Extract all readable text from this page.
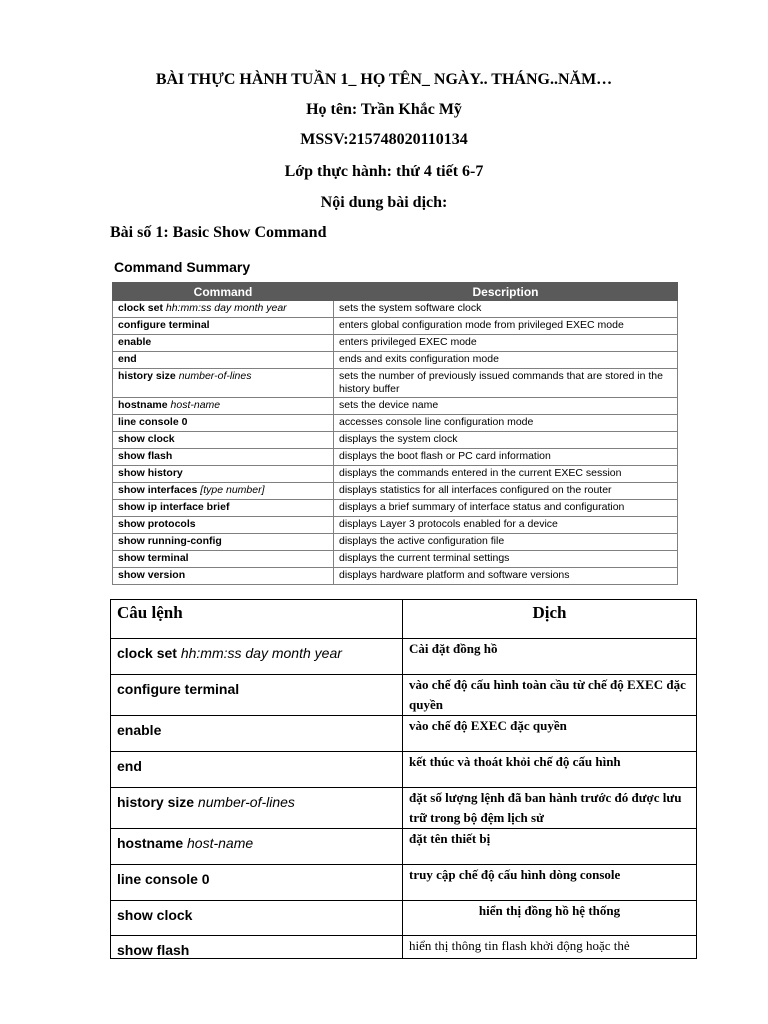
BÀI THỰC HÀNH TUẦN 1_ HỌ TÊN_ NGÀY.. THÁNG..NĂM…
Họ tên: Trần Khắc Mỹ
MSSV:215748020110134
Lớp thực hành: thứ 4 tiết 6-7
Nội dung bài dịch:
Bài số 1: Basic Show Command
Command Summary
Command	Description
clock set hh:mm:ss day month year	sets the system software clock
configure terminal	enters global configuration mode from privileged EXEC mode
enable	enters privileged EXEC mode
end	ends and exits configuration mode
history size number-of-lines	sets the number of previously issued commands that are stored in the history buffer
hostname host-name	sets the device name
line console 0	accesses console line configuration mode
show clock	displays the system clock
show flash	displays the boot flash or PC card information
show history	displays the commands entered in the current EXEC session
show interfaces [type number]	displays statistics for all interfaces configured on the router
show ip interface brief	displays a brief summary of interface status and configuration
show protocols	displays Layer 3 protocols enabled for a device
show running-config	displays the active configuration file
show terminal	displays the current terminal settings
show version	displays hardware platform and software versions
Câu lệnh	Dịch
clock set hh:mm:ss day month year	Cài đặt đồng hồ
configure terminal	vào chế độ cấu hình toàn cầu từ chế độ EXEC đặc quyền
enable	vào chế độ EXEC đặc quyền
end	kết thúc và thoát khỏi chế độ cấu hình
history size number-of-lines	đặt số lượng lệnh đã ban hành trước đó được lưu trữ trong bộ đệm lịch sử
hostname host-name	đặt tên thiết bị
line console 0	truy cập chế độ cấu hình dòng console
show clock	hiển thị đồng hồ hệ thống
show flash	hiển thị thông tin flash khởi động hoặc thẻ
